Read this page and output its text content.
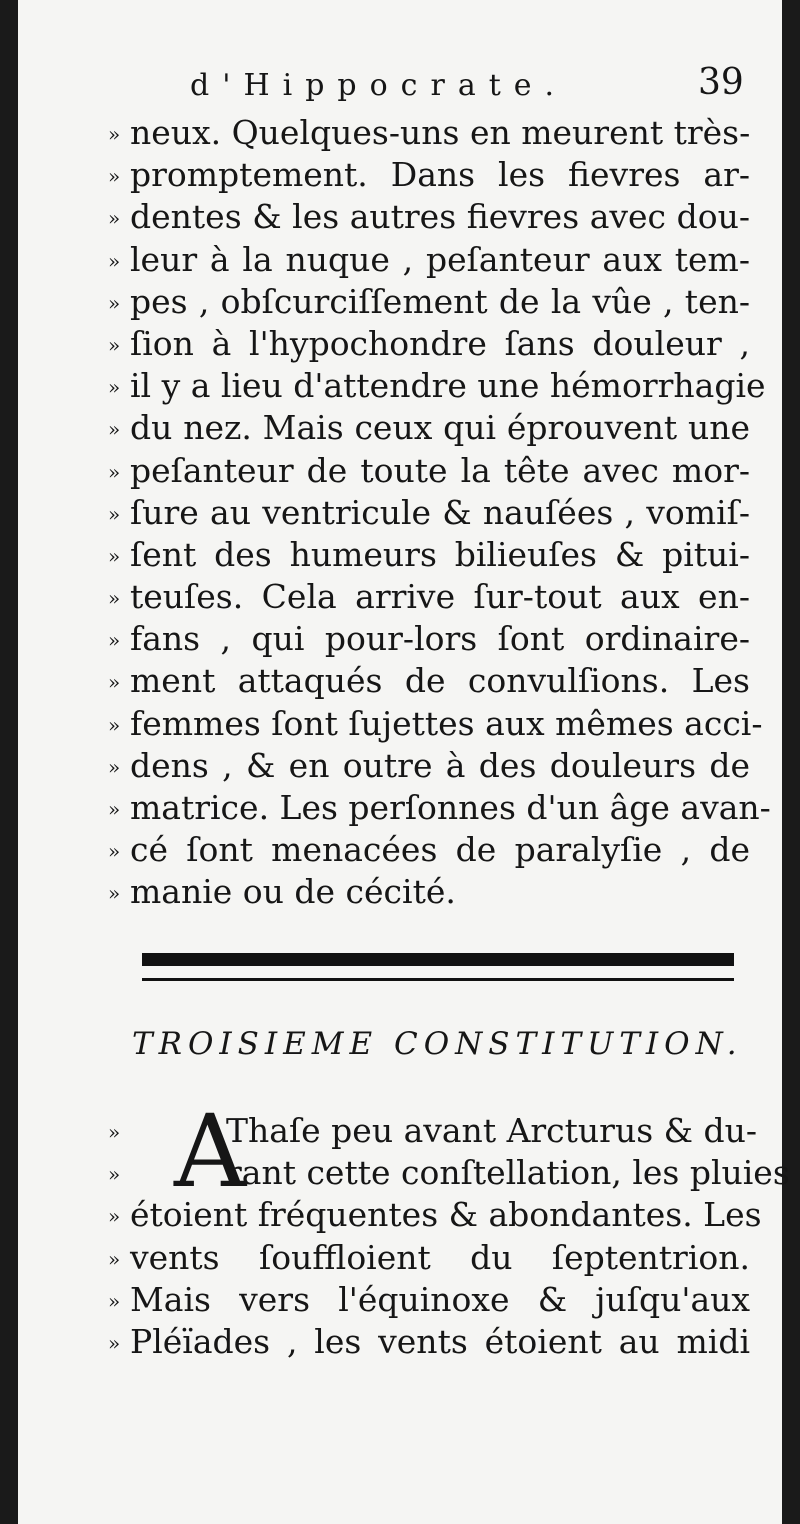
d'Hippocrate.	39
» neux. Quelques-uns en meurent très-
» promptement. Dans les fievres ar-
» dentes & les autres fievres avec dou-
» leur à la nuque , peſanteur aux tem-
» pes , obſcurciſſement de la vûe , ten-
» ſion à l'hypochondre ſans douleur ,
» il y a lieu d'attendre une hémorrhagie
» du nez. Mais ceux qui éprouvent une
» peſanteur de toute la tête avec mor-
» ſure au ventricule & nauſées , vomiſ-
» ſent des humeurs bilieuſes & pitui-
» teuſes. Cela arrive ſur-tout aux en-
» fans , qui pour-lors ſont ordinaire-
» ment attaqués de convulſions. Les
» femmes ſont ſujettes aux mêmes acci-
» dens , & en outre à des douleurs de
» matrice. Les perſonnes d'un âge avan-
» cé ſont menacées de paralyſie , de
» manie ou de cécité.
TROISIEME CONSTITUTION.
A
»	Thaſe peu avant Arcturus & du-
»	rant cette conſtellation, les pluies
» étoient fréquentes & abondantes. Les
» vents ſouffloient du ſeptentrion.
» Mais vers l'équinoxe & juſqu'aux
» Pléïades , les vents étoient au midi
